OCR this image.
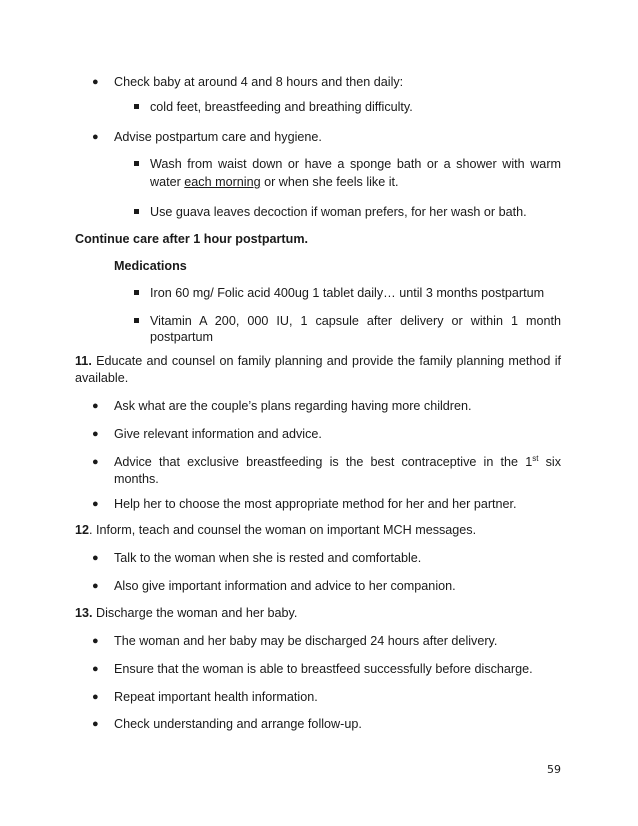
● Check baby at around 4 and 8 hours and then daily:
cold feet, breastfeeding and breathing difficulty.
● Advise postpartum care and hygiene.
Wash from waist down or have a sponge bath or a shower with warm
water each morning or when she feels like it.
Use guava leaves decoction if woman prefers, for her wash or bath.
Continue care after 1 hour postpartum.
Medications
Iron 60 mg/ Folic acid 400ug 1 tablet daily… until 3 months postpartum
Vitamin A 200, 000 IU, 1 capsule after delivery or within 1 month
postpartum
11. Educate and counsel on family planning and provide the family planning method if
available.
● Ask what are the couple’s plans regarding having more children.
● Give relevant information and advice.
● Advice that exclusive breastfeeding is the best contraceptive in the 1st six
months.
● Help her to choose the most appropriate method for her and her partner.
12. Inform, teach and counsel the woman on important MCH messages.
● Talk to the woman when she is rested and comfortable.
● Also give important information and advice to her companion.
13. Discharge the woman and her baby.
● The woman and her baby may be discharged 24 hours after delivery.
● Ensure that the woman is able to breastfeed successfully before discharge.
● Repeat important health information.
● Check understanding and arrange follow-up.
59
